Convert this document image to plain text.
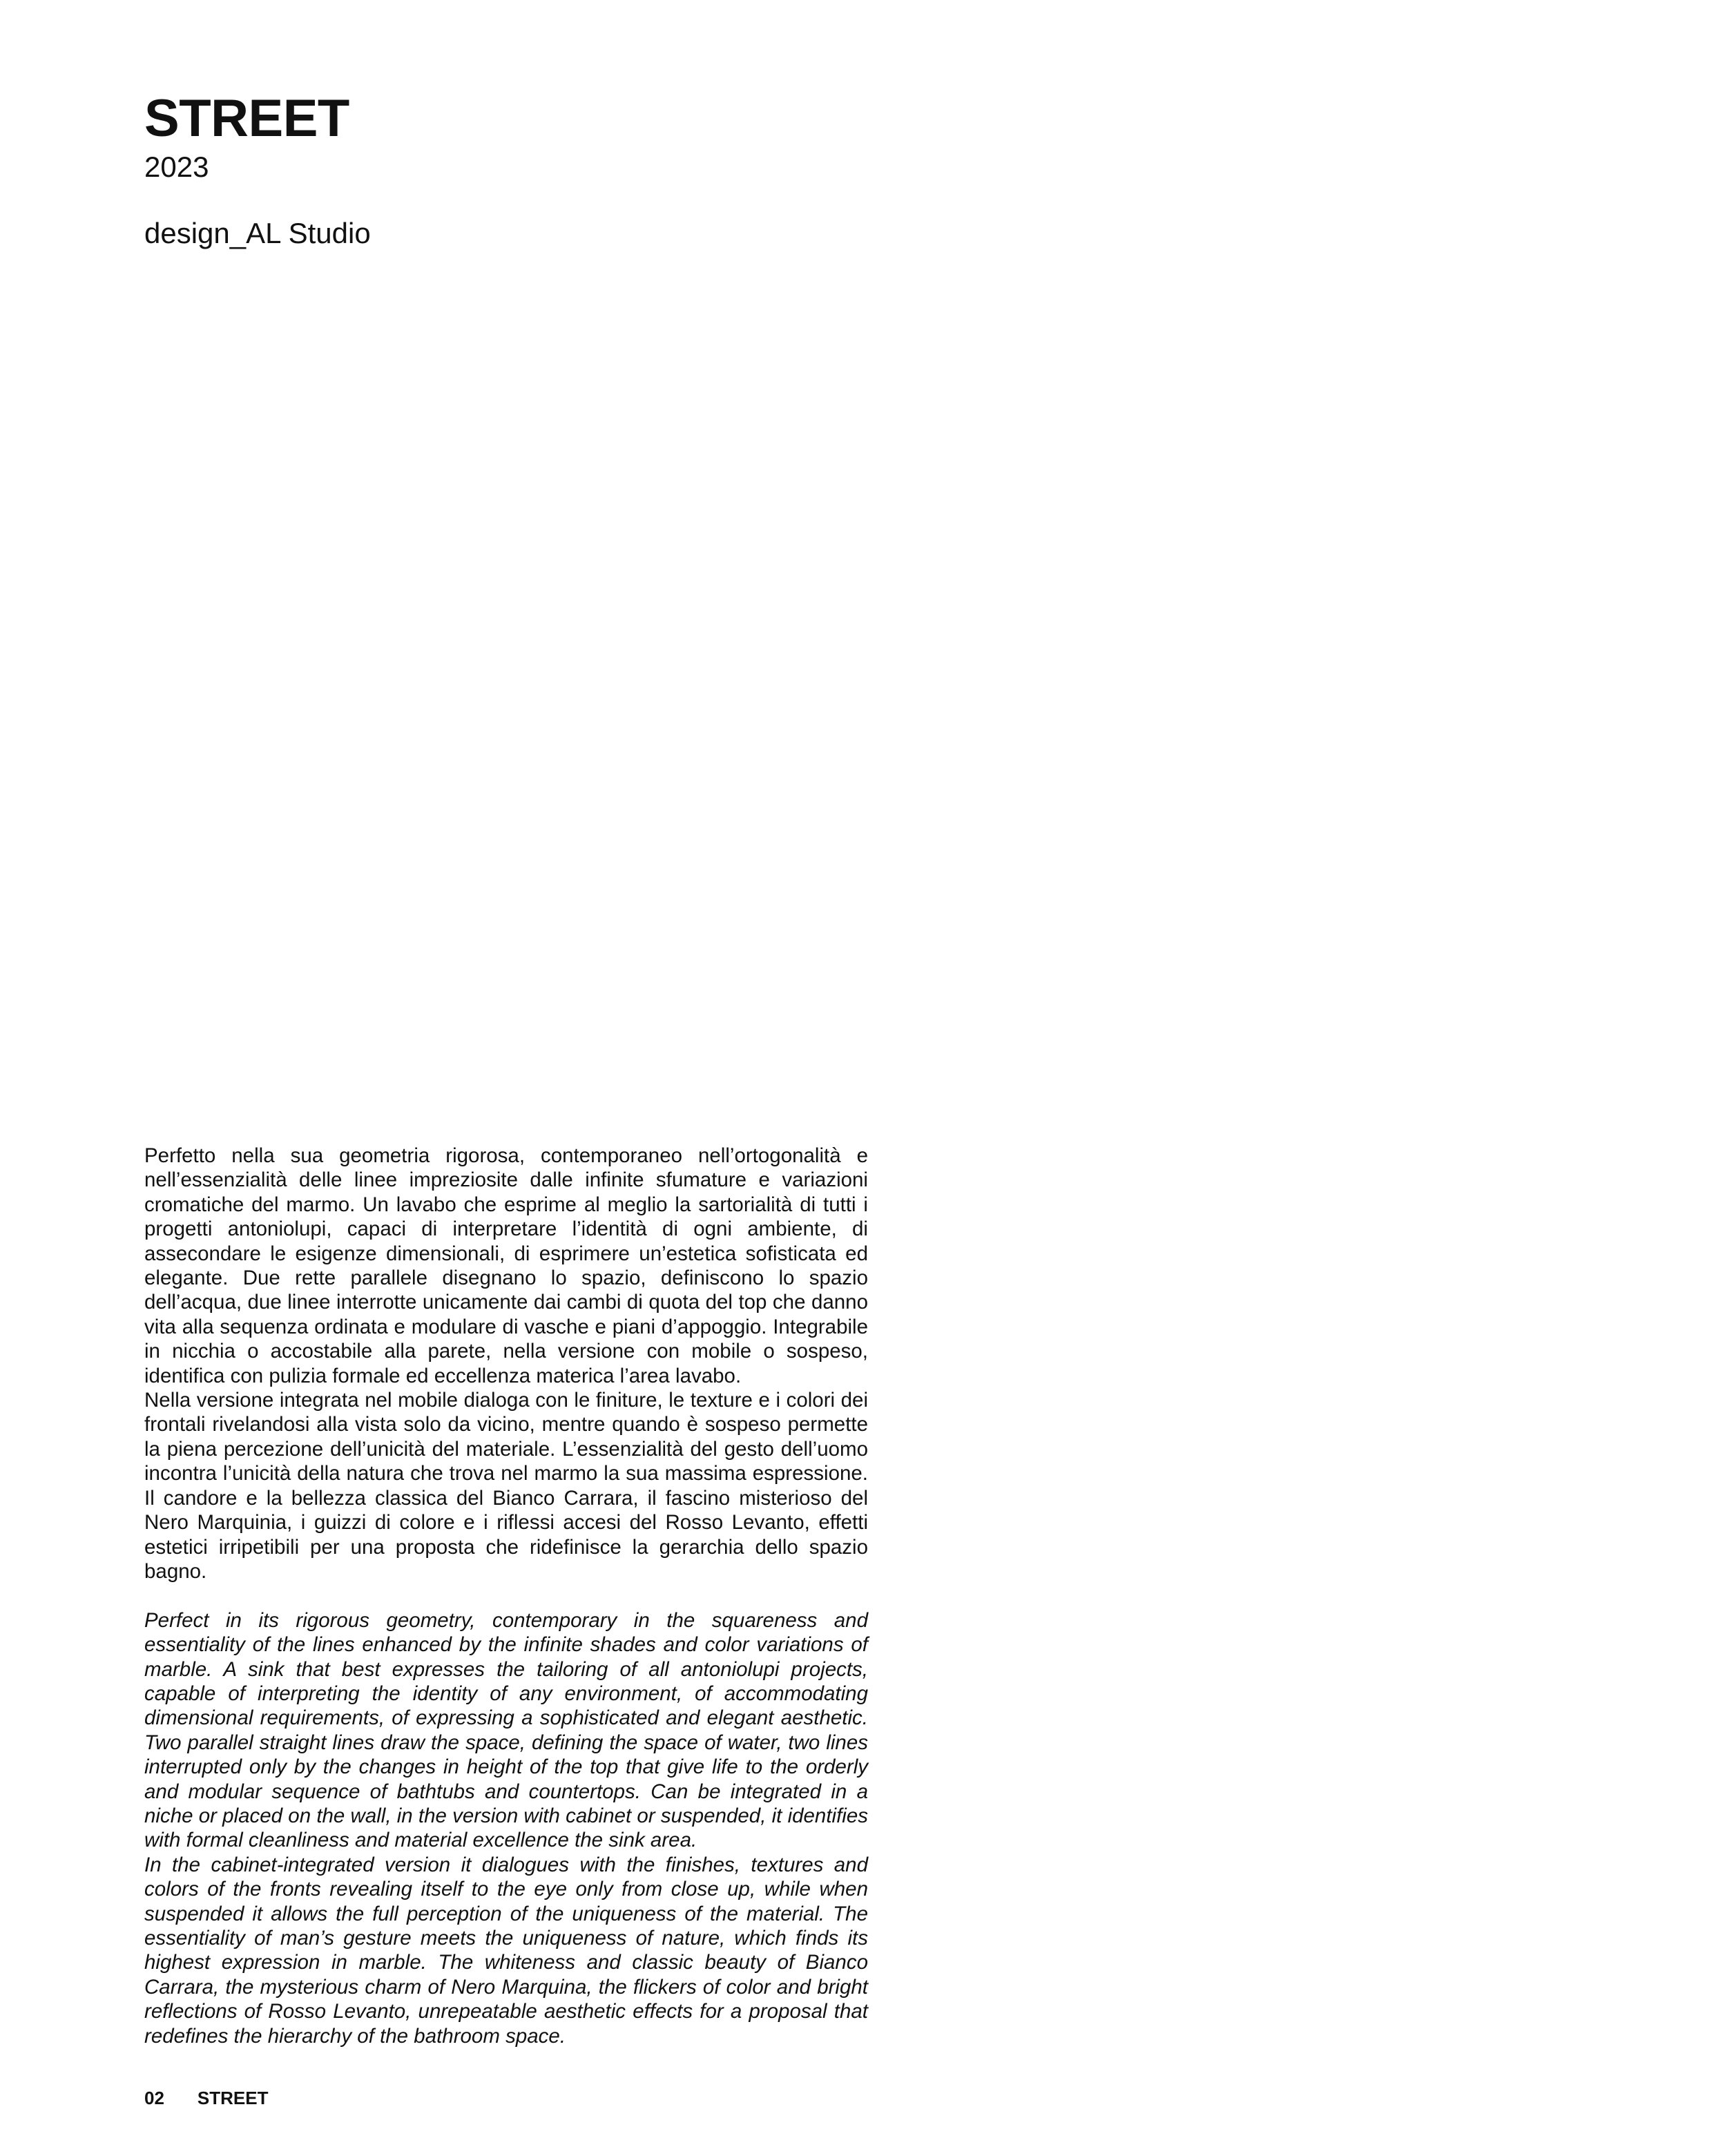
STREET

2023

design_AL Studio

Perfetto nella sua geometria rigorosa, contemporaneo nell’ortogonalità e nell’essenzialità delle linee impreziosite dalle infinite sfumature e variazioni cromatiche del marmo. Un lavabo che esprime al meglio la sartorialità di tutti i progetti antoniolupi, capaci di interpretare l’identità di ogni ambiente, di assecondare le esigenze dimensionali, di esprimere un’estetica sofisticata ed elegante. Due rette parallele disegnano lo spazio, definiscono lo spazio dell’acqua, due linee interrotte unicamente dai cambi di quota del top che danno vita alla sequenza ordinata e modulare di vasche e piani d’appoggio. Integrabile in nicchia o accostabile alla parete, nella versione con mobile o sospeso, identifica con pulizia formale ed eccellenza materica l’area lavabo.

Nella versione integrata nel mobile dialoga con le finiture, le texture e i colori dei frontali rivelandosi alla vista solo da vicino, mentre quando è sospeso permette la piena percezione dell’unicità del materiale. L’essenzialità del gesto dell’uomo incontra l’unicità della natura che trova nel marmo la sua massima espressione. Il candore e la bellezza classica del Bianco Carrara, il fascino misterioso del Nero Marquinia, i guizzi di colore e i riflessi accesi del Rosso Levanto, effetti estetici irripetibili per una proposta che ridefinisce la gerarchia dello spazio bagno.

Perfect in its rigorous geometry, contemporary in the squareness and essentiality of the lines enhanced by the infinite shades and color variations of marble. A sink that best expresses the tailoring of all antoniolupi projects, capable of interpreting the identity of any environment, of accommodating dimensional requirements, of expressing a sophisticated and elegant aesthetic. Two parallel straight lines draw the space, defining the space of water, two lines interrupted only by the changes in height of the top that give life to the orderly and modular sequence of bathtubs and countertops. Can be integrated in a niche or placed on the wall, in the version with cabinet or suspended, it identifies with formal cleanliness and material excellence the sink area.

In the cabinet-integrated version it dialogues with the finishes, textures and colors of the fronts revealing itself to the eye only from close up, while when suspended it allows the full perception of the uniqueness of the material. The essentiality of man’s gesture meets the uniqueness of nature, which finds its highest expression in marble. The whiteness and classic beauty of Bianco Carrara, the mysterious charm of Nero Marquina, the flickers of color and bright reflections of Rosso Levanto, unrepeatable aesthetic effects for a proposal that redefines the hierarchy of the bathroom space.

02 STREET
